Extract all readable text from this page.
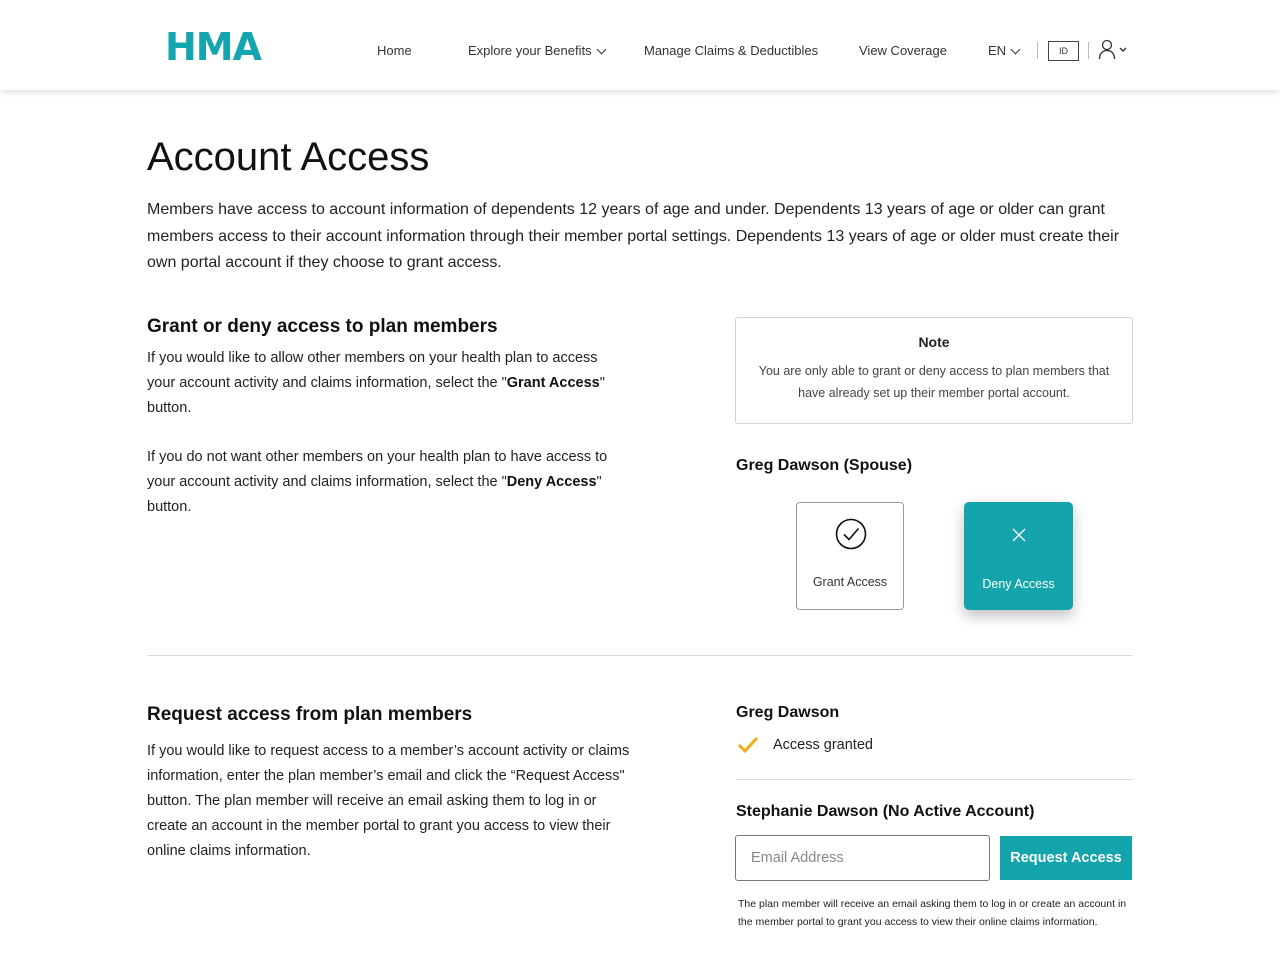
HMA	Home	Explore your Benefits	Manage Claims & Deductibles	View Coverage	EN	ID
Account Access

Members have access to account information of dependents 12 years of age and under. Dependents 13 years of age or older can grant members access to their account information through their member portal settings. Dependents 13 years of age or older must create their own portal account if they choose to grant access.

Grant or deny access to plan members

If you would like to allow other members on your health plan to access your account activity and claims information, select the "Grant Access" button.

If you do not want other members on your health plan to have access to your account activity and claims information, select the "Deny Access" button.

Note
You are only able to grant or deny access to plan members that have already set up their member portal account.
Greg Dawson (Spouse)
Grant Access	Deny Access
Request access from plan members

If you would like to request access to a member’s account activity or claims information, enter the plan member’s email and click the “Request Access" button. The plan member will receive an email asking them to log in or create an account in the member portal to grant you access to view their online claims information.

Greg Dawson
Access granted
Stephanie Dawson (No Active Account)
Email Address
Request Access

The plan member will receive an email asking them to log in or create an account in the member portal to grant you access to view their online claims information.
